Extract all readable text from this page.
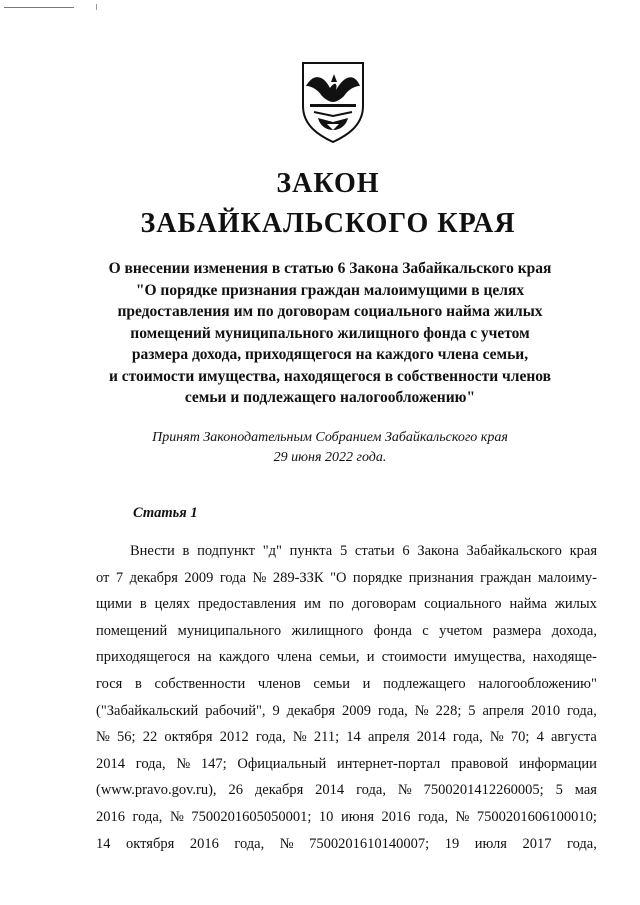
ЗАКОН
ЗАБАЙКАЛЬСКОГО КРАЯ
О внесении изменения в статью 6 Закона Забайкальского края
"О порядке признания граждан малоимущими в целях
предоставления им по договорам социального найма жилых
помещений муниципального жилищного фонда с учетом
размера дохода, приходящегося на каждого члена семьи,
и стоимости имущества, находящегося в собственности членов
семьи и подлежащего налогообложению"
Принят Законодательным Собранием Забайкальского края
29 июня 2022 года.
Статья 1
Внести в подпункт "д" пункта 5 статьи 6 Закона Забайкальского края
от 7 декабря 2009 года № 289-ЗЗК "О порядке признания граждан малоиму-
щими в целях предоставления им по договорам социального найма жилых
помещений муниципального жилищного фонда с учетом размера дохода,
приходящегося на каждого члена семьи, и стоимости имущества, находяще-
гося в собственности членов семьи и подлежащего налогообложению"
("Забайкальский рабочий", 9 декабря 2009 года, № 228; 5 апреля 2010 года,
№ 56; 22 октября 2012 года, № 211; 14 апреля 2014 года, № 70; 4 августа
2014 года, № 147; Официальный интернет-портал правовой информации
(www.pravo.gov.ru), 26 декабря 2014 года, № 7500201412260005; 5 мая
2016 года, № 7500201605050001; 10 июня 2016 года, № 7500201606100010;
14 октября 2016 года, № 7500201610140007; 19 июля 2017 года,
